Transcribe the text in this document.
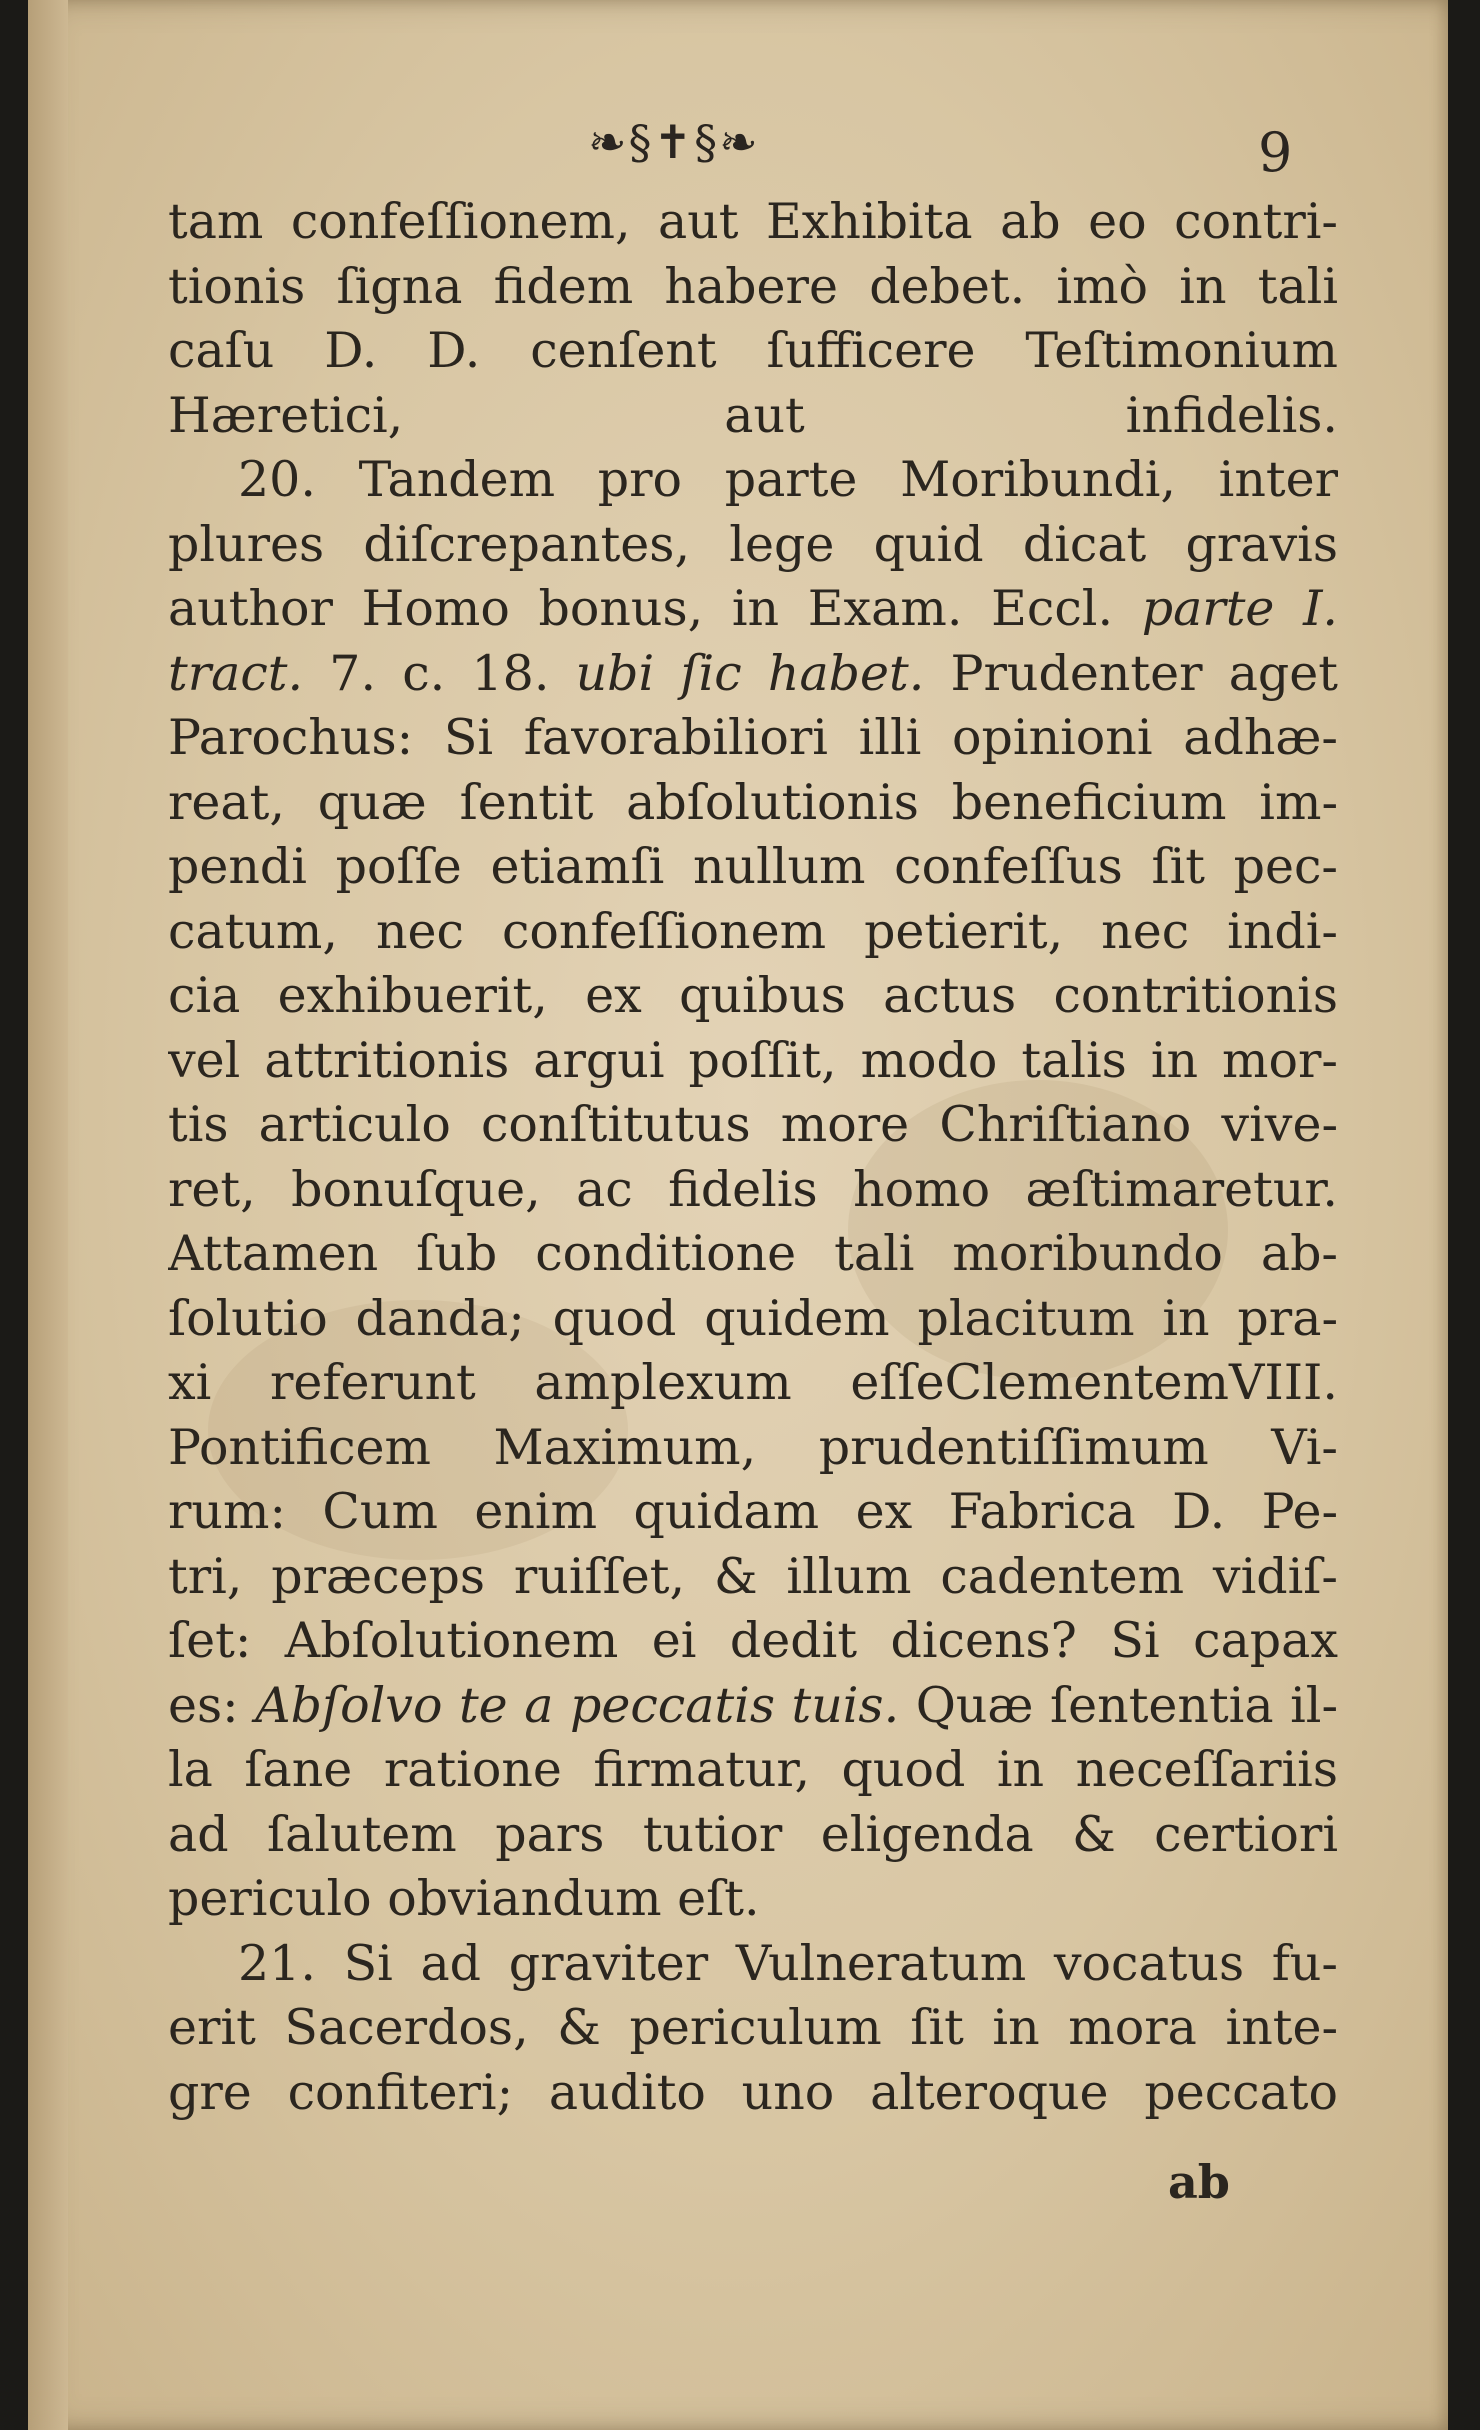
❧§✝§❧	9
tam confeſſionem, aut Exhibita ab eo contri-
tionis ſigna fidem habere debet. imò in tali
caſu D. D. cenſent ſufficere Teſtimonium
Hæretici, aut infidelis.
20. Tandem pro parte Moribundi, inter
plures diſcrepantes, lege quid dicat gravis
author Homo bonus, in Exam. Eccl. parte I.
tract. 7. c. 18. ubi ſic habet. Prudenter aget
Parochus: Si favorabiliori illi opinioni adhæ-
reat, quæ ſentit abſolutionis beneficium im-
pendi poſſe etiamſi nullum confeſſus ſit pec-
catum, nec confeſſionem petierit, nec indi-
cia exhibuerit, ex quibus actus contritionis
vel attritionis argui poſſit, modo talis in mor-
tis articulo conſtitutus more Chriſtiano vive-
ret, bonuſque, ac fidelis homo æſtimaretur.
Attamen ſub conditione tali moribundo ab-
ſolutio danda; quod quidem placitum in pra-
xi referunt amplexum eſſeClementemVIII.
Pontificem Maximum, prudentiſſimum Vi-
rum: Cum enim quidam ex Fabrica D. Pe-
tri, præceps ruiſſet, & illum cadentem vidiſ-
ſet: Abſolutionem ei dedit dicens? Si capax
es: Abſolvo te a peccatis tuis. Quæ ſententia il-
la ſane ratione firmatur, quod in neceſſariis
ad ſalutem pars tutior eligenda & certiori
periculo obviandum eſt.
21. Si ad graviter Vulneratum vocatus fu-
erit Sacerdos, & periculum ſit in mora inte-
gre confiteri; audito uno alteroque peccato
ab
